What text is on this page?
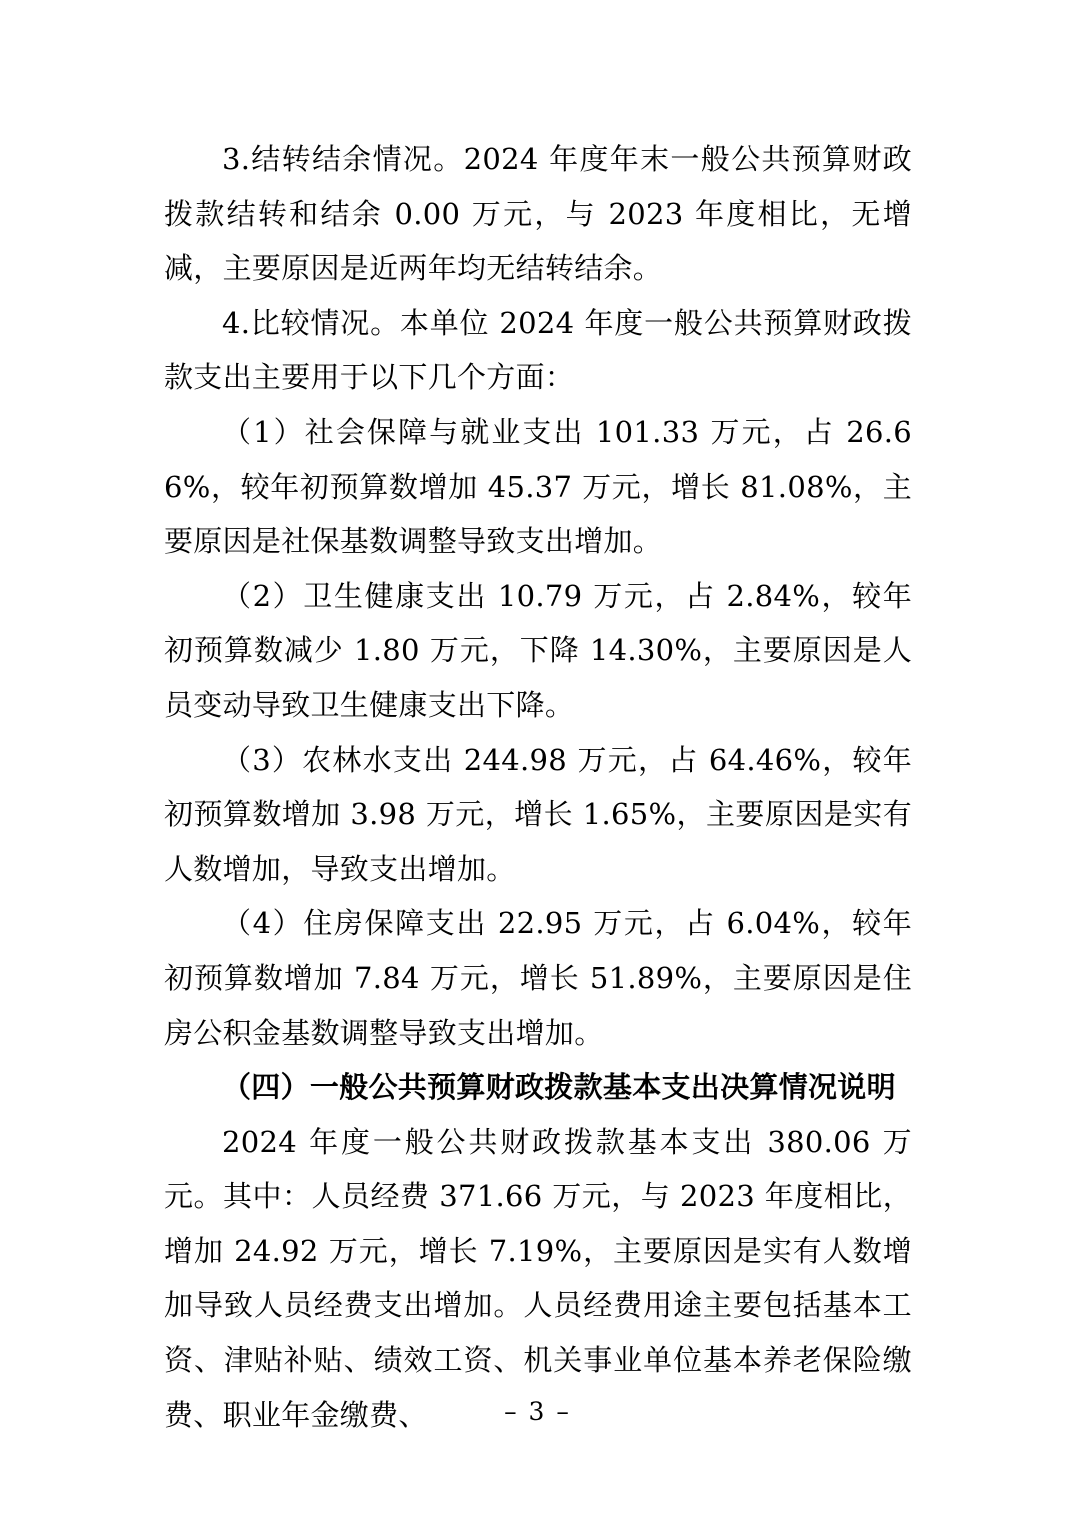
3.结转结余情况。2024 年度年末一般公共预算财政拨款结转和结余 0.00 万元，与 2023 年度相比，无增减，主要原因是近两年均无结转结余。

4.比较情况。本单位 2024 年度一般公共预算财政拨款支出主要用于以下几个方面：

（1）社会保障与就业支出 101.33 万元，占 26.66%，较年初预算数增加 45.37 万元，增长 81.08%，主要原因是社保基数调整导致支出增加。

（2）卫生健康支出 10.79 万元，占 2.84%，较年初预算数减少 1.80 万元，下降 14.30%，主要原因是人员变动导致卫生健康支出下降。

（3）农林水支出 244.98 万元，占 64.46%，较年初预算数增加 3.98 万元，增长 1.65%，主要原因是实有人数增加，导致支出增加。

（4）住房保障支出 22.95 万元，占 6.04%，较年初预算数增加 7.84 万元，增长 51.89%，主要原因是住房公积金基数调整导致支出增加。

（四）一般公共预算财政拨款基本支出决算情况说明

2024 年度一般公共财政拨款基本支出 380.06 万元。其中：人员经费 371.66 万元，与 2023 年度相比，增加 24.92 万元，增长 7.19%，主要原因是实有人数增加导致人员经费支出增加。人员经费用途主要包括基本工资、津贴补贴、绩效工资、机关事业单位基本养老保险缴费、职业年金缴费、	– 3 –
